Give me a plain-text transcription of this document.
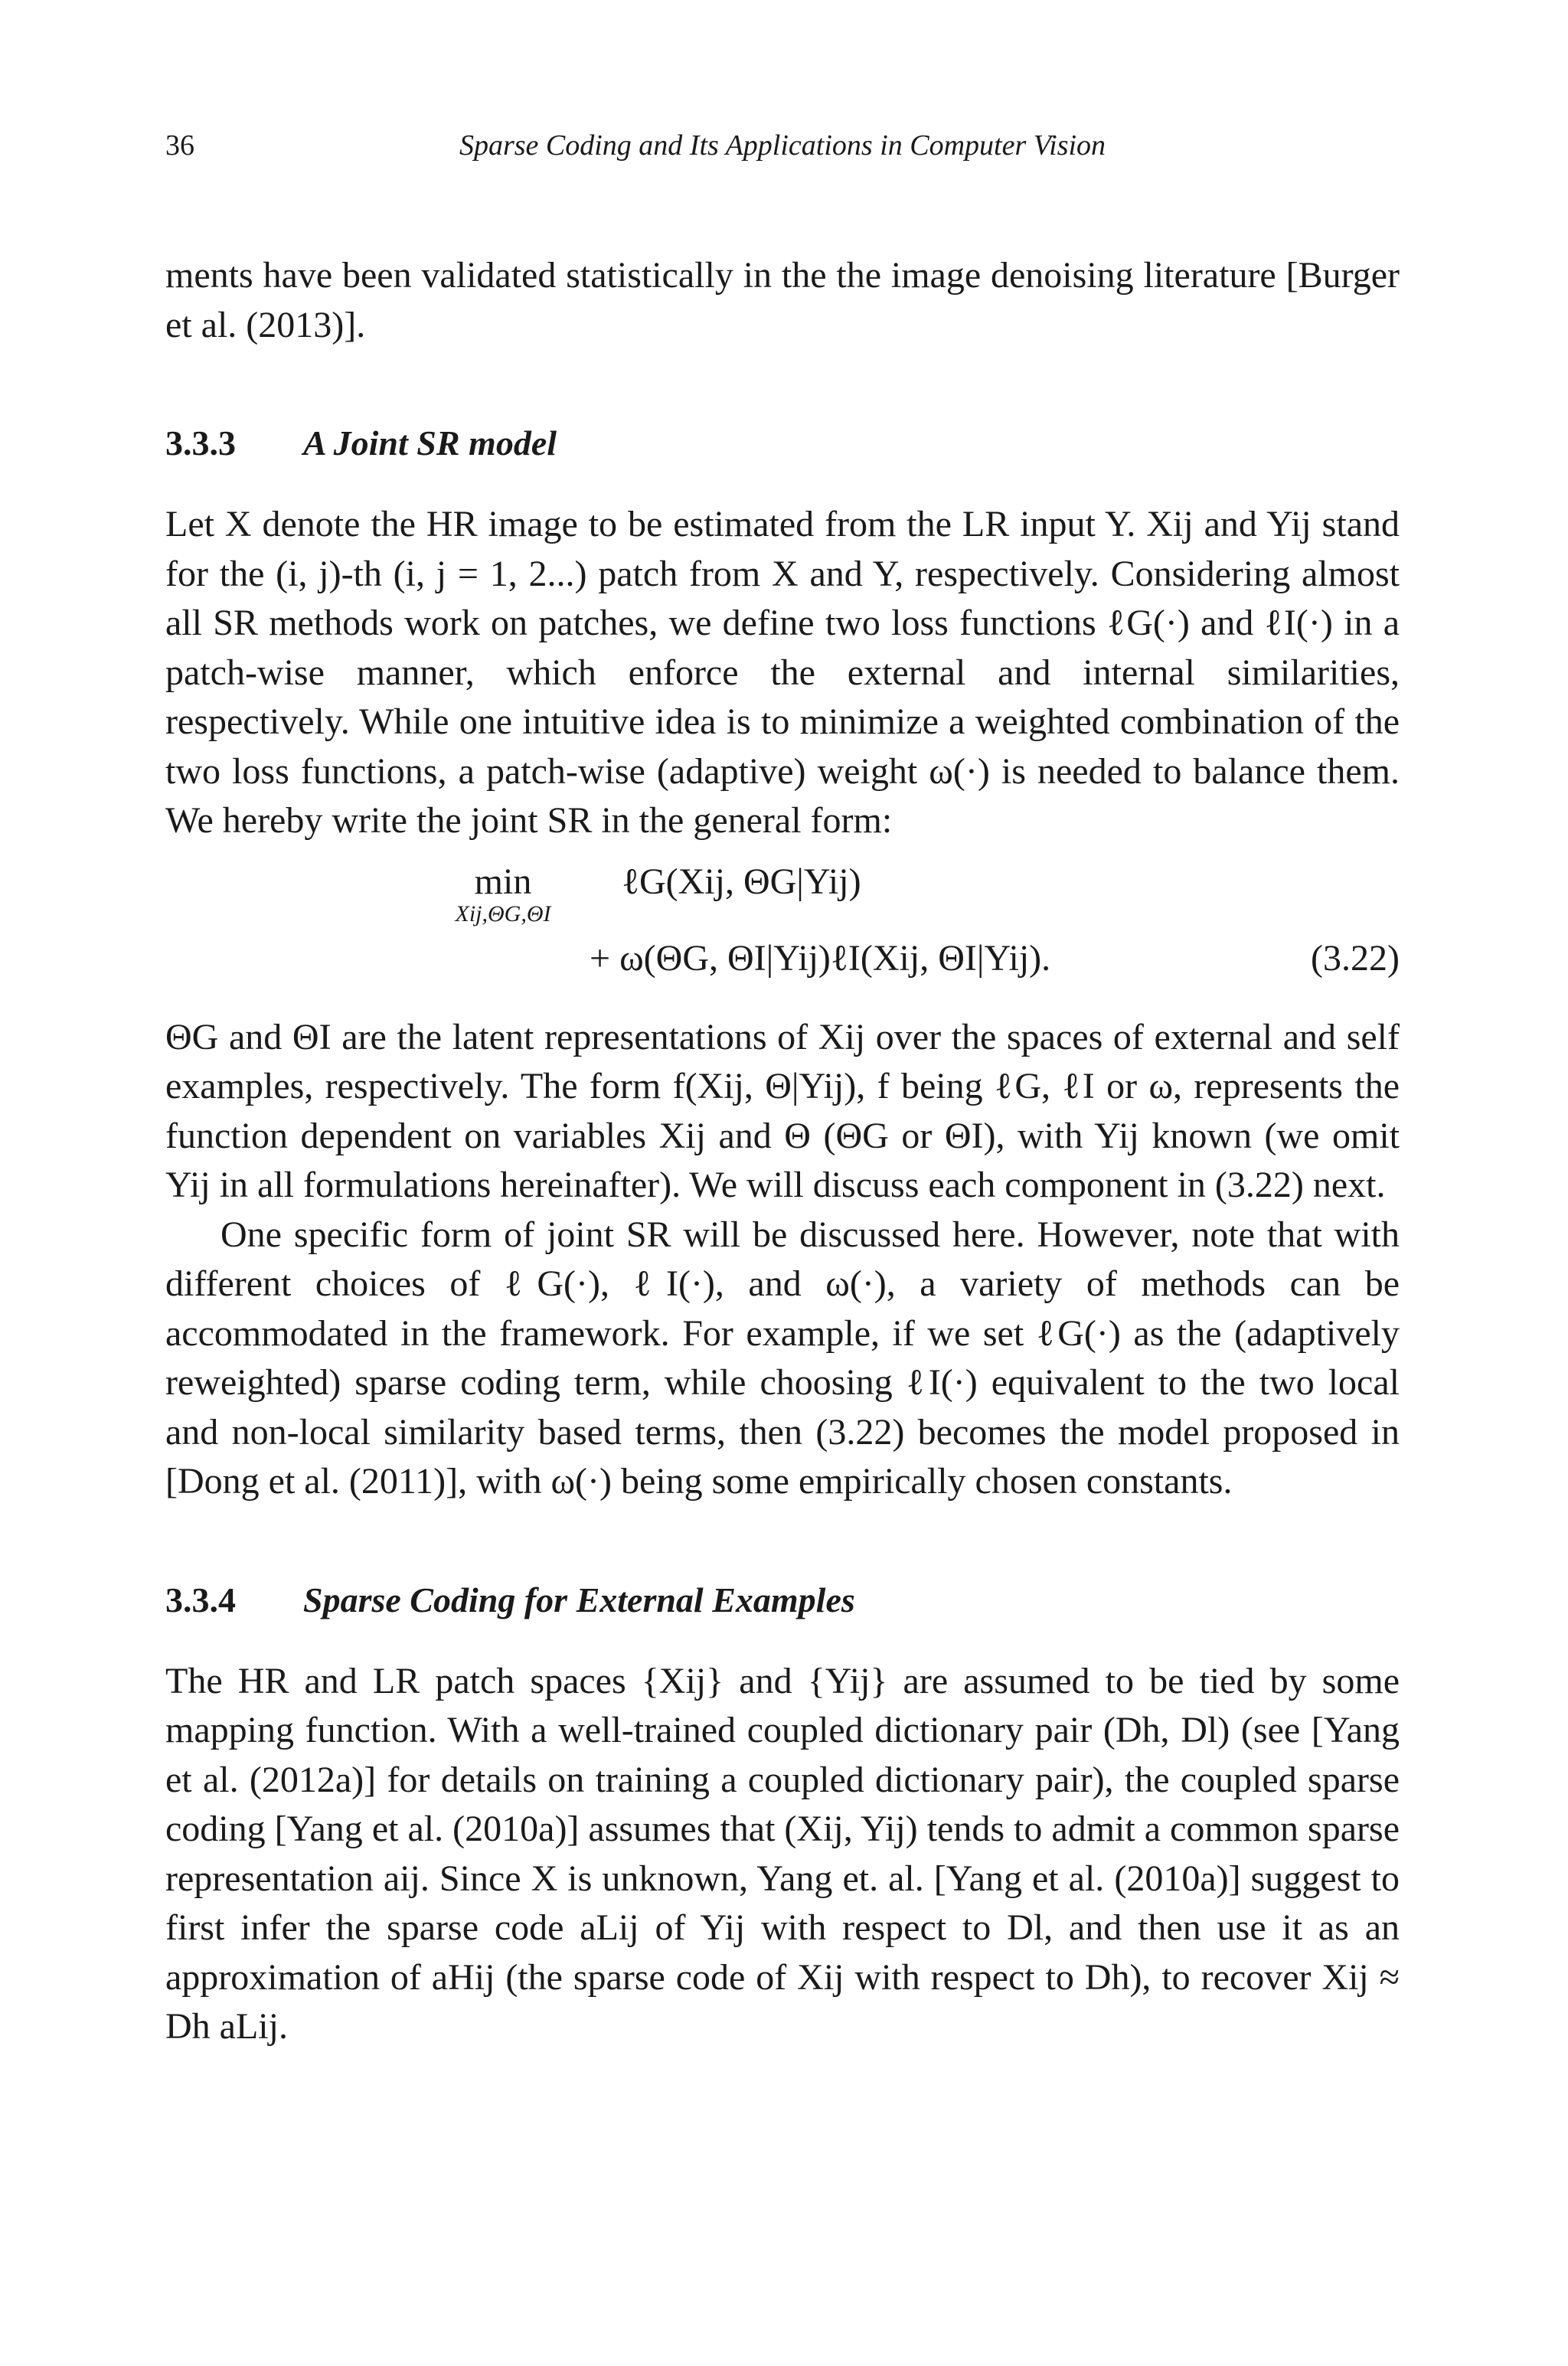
36	Sparse Coding and Its Applications in Computer Vision

ments have been validated statistically in the the image denoising literature [Burger et al. (2013)].

3.3.3 A Joint SR model

Let X denote the HR image to be estimated from the LR input Y. Xij and Yij stand for the (i, j)-th (i, j = 1, 2...) patch from X and Y, respectively. Considering almost all SR methods work on patches, we define two loss functions ℓG(·) and ℓI(·) in a patch-wise manner, which enforce the external and internal similarities, respectively. While one intuitive idea is to minimize a weighted combination of the two loss functions, a patch-wise (adaptive) weight ω(·) is needed to balance them. We hereby write the joint SR in the general form:

min
Xij,ΘG,ΘI
ℓG(Xij, ΘG|Yij)
+ ω(ΘG, ΘI|Yij)ℓI(Xij, ΘI|Yij).	(3.22)

ΘG and ΘI are the latent representations of Xij over the spaces of external and self examples, respectively. The form f(Xij, Θ|Yij), f being ℓG, ℓI or ω, represents the function dependent on variables Xij and Θ (ΘG or ΘI), with Yij known (we omit Yij in all formulations hereinafter). We will discuss each component in (3.22) next.

One specific form of joint SR will be discussed here. However, note that with different choices of ℓG(·), ℓI(·), and ω(·), a variety of methods can be accommodated in the framework. For example, if we set ℓG(·) as the (adaptively reweighted) sparse coding term, while choosing ℓI(·) equivalent to the two local and non-local similarity based terms, then (3.22) becomes the model proposed in [Dong et al. (2011)], with ω(·) being some empirically chosen constants.

3.3.4 Sparse Coding for External Examples

The HR and LR patch spaces {Xij} and {Yij} are assumed to be tied by some mapping function. With a well-trained coupled dictionary pair (Dh, Dl) (see [Yang et al. (2012a)] for details on training a coupled dictionary pair), the coupled sparse coding [Yang et al. (2010a)] assumes that (Xij, Yij) tends to admit a common sparse representation aij. Since X is unknown, Yang et. al. [Yang et al. (2010a)] suggest to first infer the sparse code aLij of Yij with respect to Dl, and then use it as an approximation of aHij (the sparse code of Xij with respect to Dh), to recover Xij ≈ Dh aLij.
